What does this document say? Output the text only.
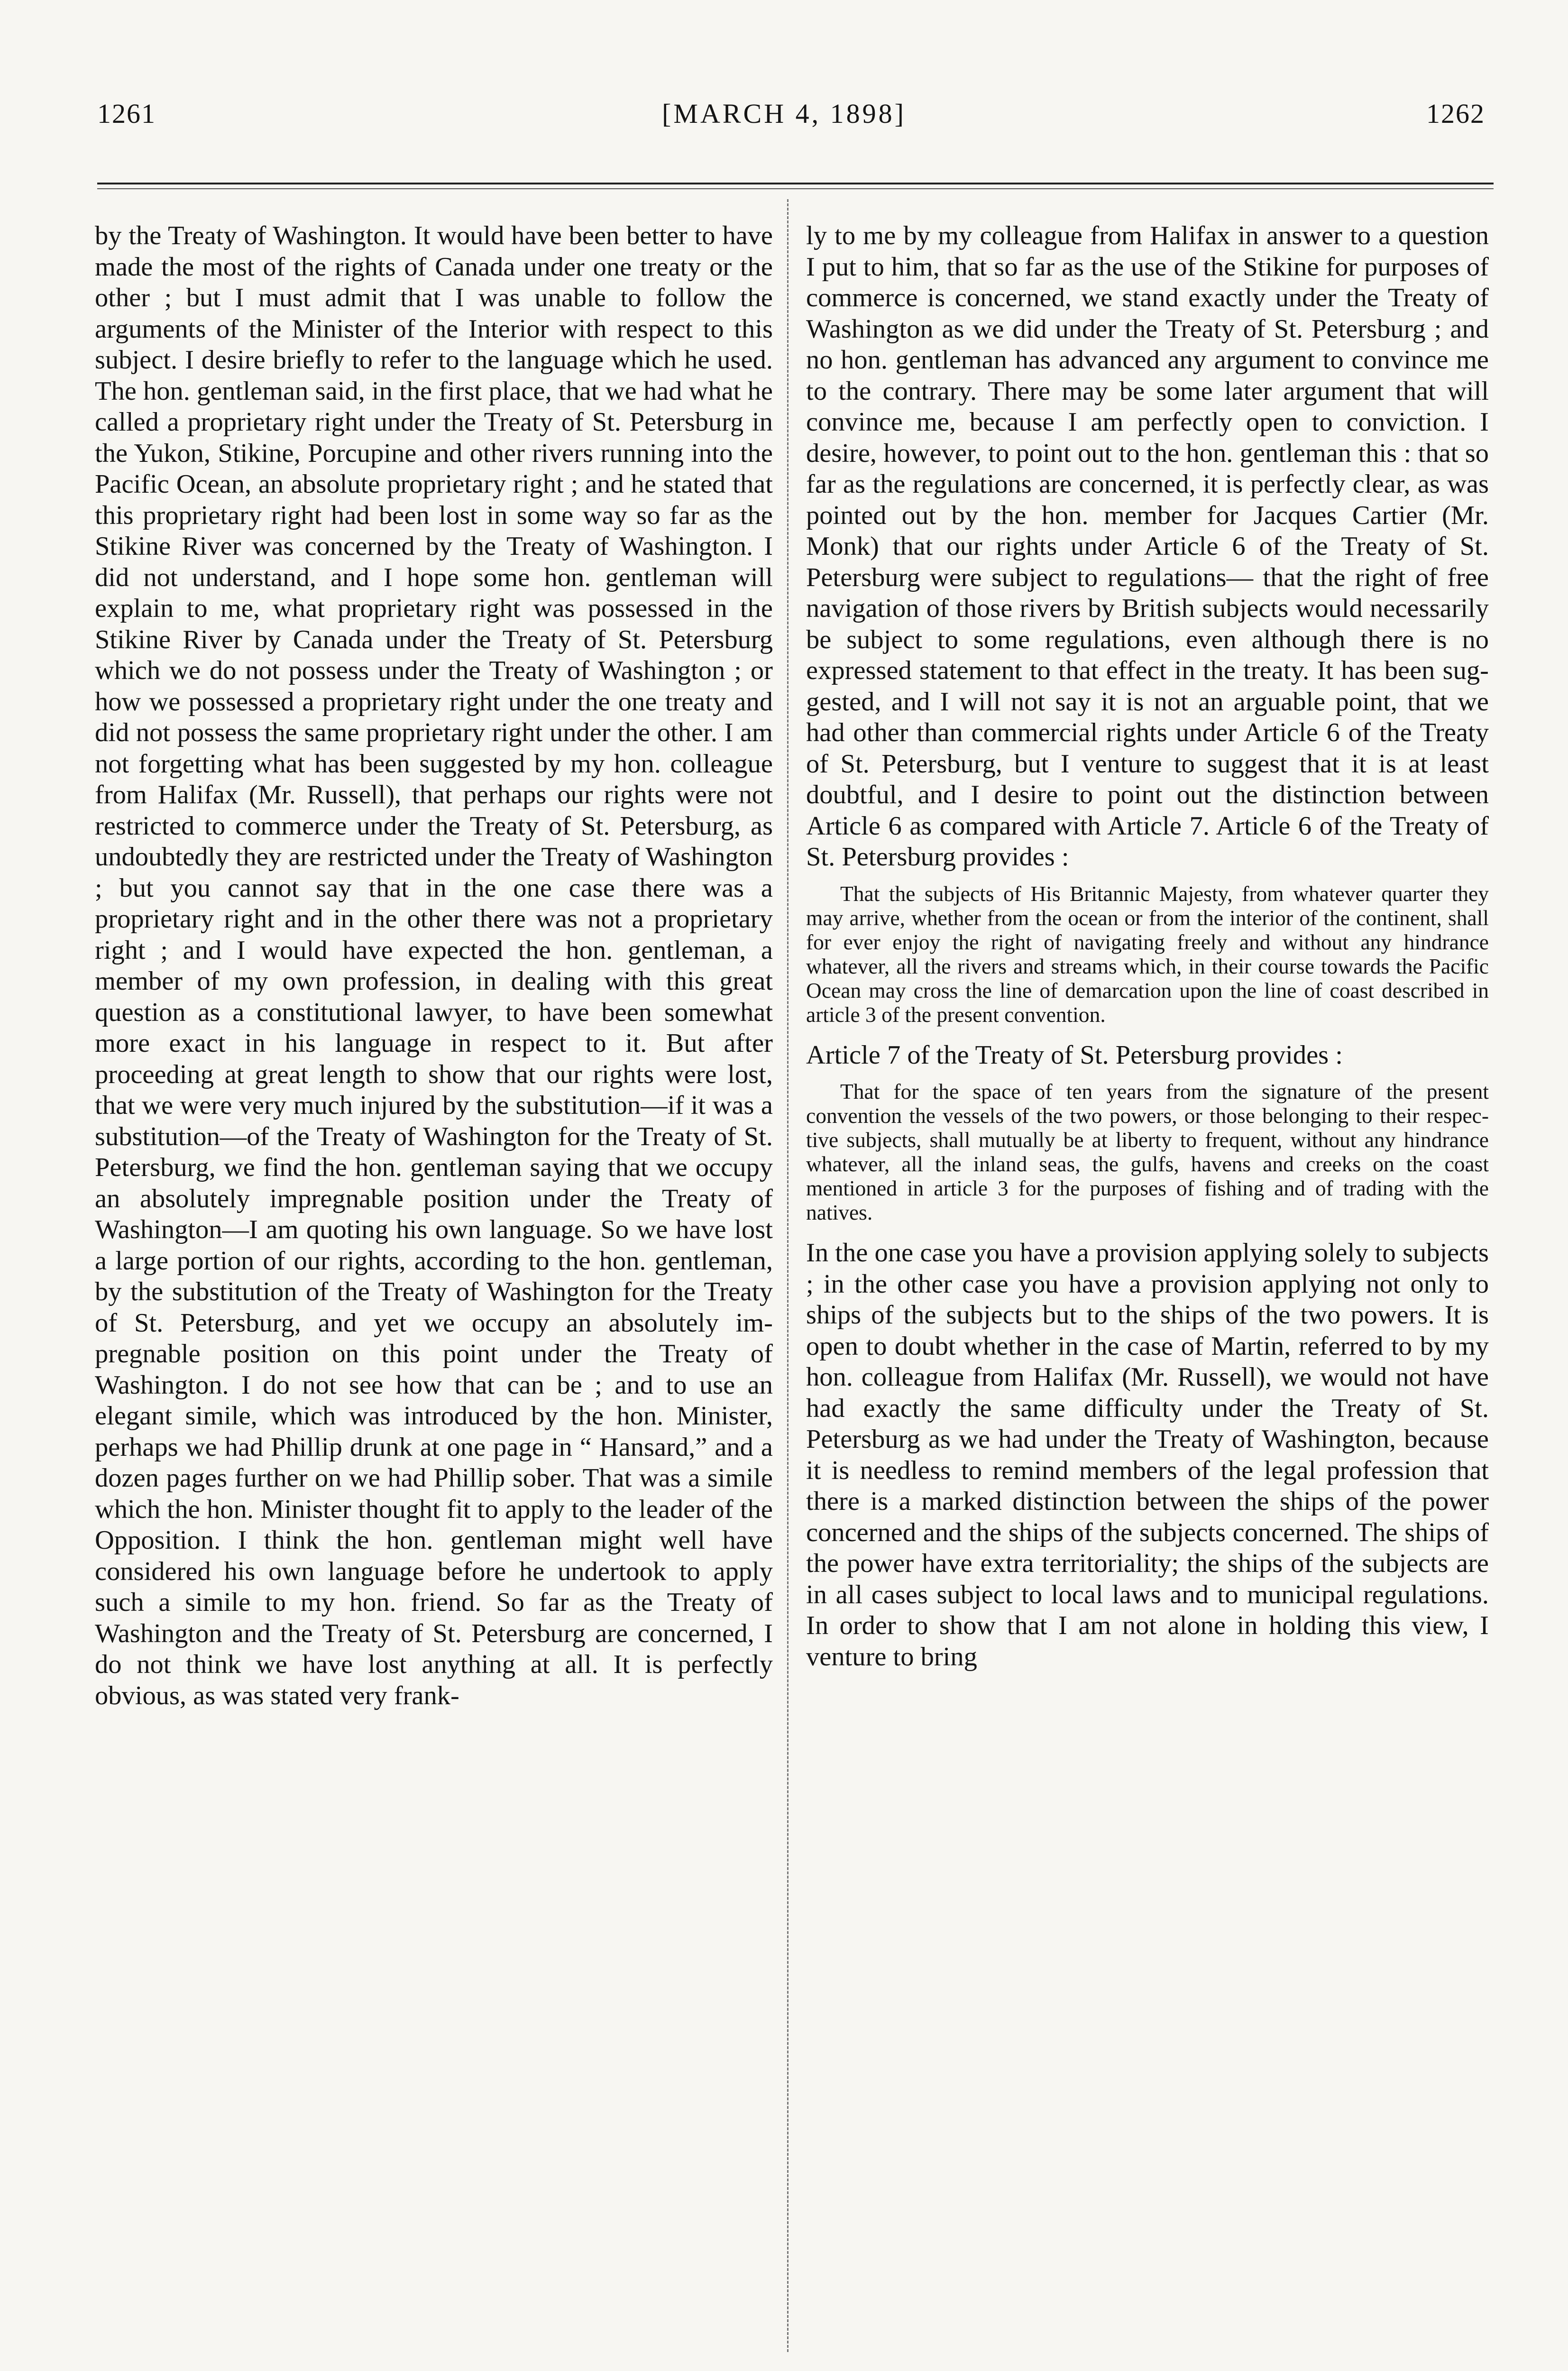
1261	[MARCH 4, 1898]	1262

by the Treaty of Washington. It would have been better to have made the most of the rights of Canada under one treaty or the other ; but I must admit that I was unable to follow the arguments of the Minister of the Interior with respect to this subject. I desire briefly to refer to the language which he used. The hon. gentleman said, in the first place, that we had what he called a proprietary right under the Treaty of St. Petersburg in the Yukon, Stikine, Porcupine and other rivers running into the Pacific Ocean, an absolute proprietary right ; and he stated that this proprietary right had been lost in some way so far as the Stikine River was concerned by the Treaty of Washington. I did not understand, and I hope some hon. gentleman will explain to me, what proprietary right was possessed in the Stikine River by Canada under the Treaty of St. Petersburg which we do not possess under the Treaty of Washington ; or how we possessed a proprietary right under the one treaty and did not possess the same proprietary right under the other. I am not forgetting what has been suggested by my hon. colleague from Halifax (Mr. Russell), that perhaps our rights were not restricted to commerce under the Treaty of St. Petersburg, as undoubtedly they are restricted under the Treaty of Washington ; but you cannot say that in the one case there was a proprietary right and in the other there was not a proprietary right ; and I would have expected the hon. gentleman, a member of my own profession, in dealing with this great question as a constitutional lawyer, to have been somewhat more exact in his language in respect to it. But after proceeding at great length to show that our rights were lost, that we were very much injured by the substitution—if it was a substitution—of the Treaty of Washington for the Treaty of St. Petersburg, we find the hon. gentleman saying that we occupy an absolutely impregnable position under the Treaty of Washington—I am quoting his own language. So we have lost a large portion of our rights, according to the hon. gentleman, by the substitution of the Treaty of Washington for the Treaty of St. Petersburg, and yet we occupy an absolutely impregnable position on this point under the Treaty of Washington. I do not see how that can be ; and to use an elegant simile, which was introduced by the hon. Minister, perhaps we had Phillip drunk at one page in “ Hansard,” and a dozen pages further on we had Phillip sober. That was a simile which the hon. Minister thought fit to apply to the leader of the Opposition. I think the hon. gentleman might well have considered his own language before he undertook to apply such a simile to my hon. friend. So far as the Treaty of Washington and the Treaty of St. Petersburg are concerned, I do not think we have lost anything at all. It is perfectly obvious, as was stated very frank-

ly to me by my colleague from Halifax in answer to a question I put to him, that so far as the use of the Stikine for purposes of commerce is concerned, we stand exactly under the Treaty of Washington as we did under the Treaty of St. Petersburg ; and no hon. gentleman has advanced any argument to convince me to the contrary. There may be some later argument that will convince me, because I am perfectly open to conviction. I desire, however, to point out to the hon. gentleman this : that so far as the regulations are concerned, it is perfectly clear, as was pointed out by the hon. member for Jacques Cartier (Mr. Monk) that our rights under Article 6 of the Treaty of St. Petersburg were subject to regulations— that the right of free navigation of those rivers by British subjects would necessarily be subject to some regulations, even although there is no expressed statement to that effect in the treaty. It has been suggested, and I will not say it is not an arguable point, that we had other than commercial rights under Article 6 of the Treaty of St. Petersburg, but I venture to suggest that it is at least doubtful, and I desire to point out the distinction between Article 6 as compared with Article 7. Article 6 of the Treaty of St. Petersburg provides :

That the subjects of His Britannic Majesty, from whatever quarter they may arrive, whether from the ocean or from the interior of the continent, shall for ever enjoy the right of navigating freely and without any hindrance whatever, all the rivers and streams which, in their course towards the Pacific Ocean may cross the line of demarcation upon the line of coast described in article 3 of the present convention.

Article 7 of the Treaty of St. Petersburg provides :

That for the space of ten years from the signature of the present convention the vessels of the two powers, or those belonging to their respective subjects, shall mutually be at liberty to frequent, without any hindrance whatever, all the inland seas, the gulfs, havens and creeks on the coast mentioned in article 3 for the purposes of fishing and of trading with the natives.

In the one case you have a provision applying solely to subjects ; in the other case you have a provision applying not only to ships of the subjects but to the ships of the two powers. It is open to doubt whether in the case of Martin, referred to by my hon. colleague from Halifax (Mr. Russell), we would not have had exactly the same difficulty under the Treaty of St. Petersburg as we had under the Treaty of Washington, because it is needless to remind members of the legal profession that there is a marked distinction between the ships of the power concerned and the ships of the subjects concerned. The ships of the power have extra territoriality; the ships of the subjects are in all cases subject to local laws and to municipal regulations. In order to show that I am not alone in holding this view, I venture to bring
